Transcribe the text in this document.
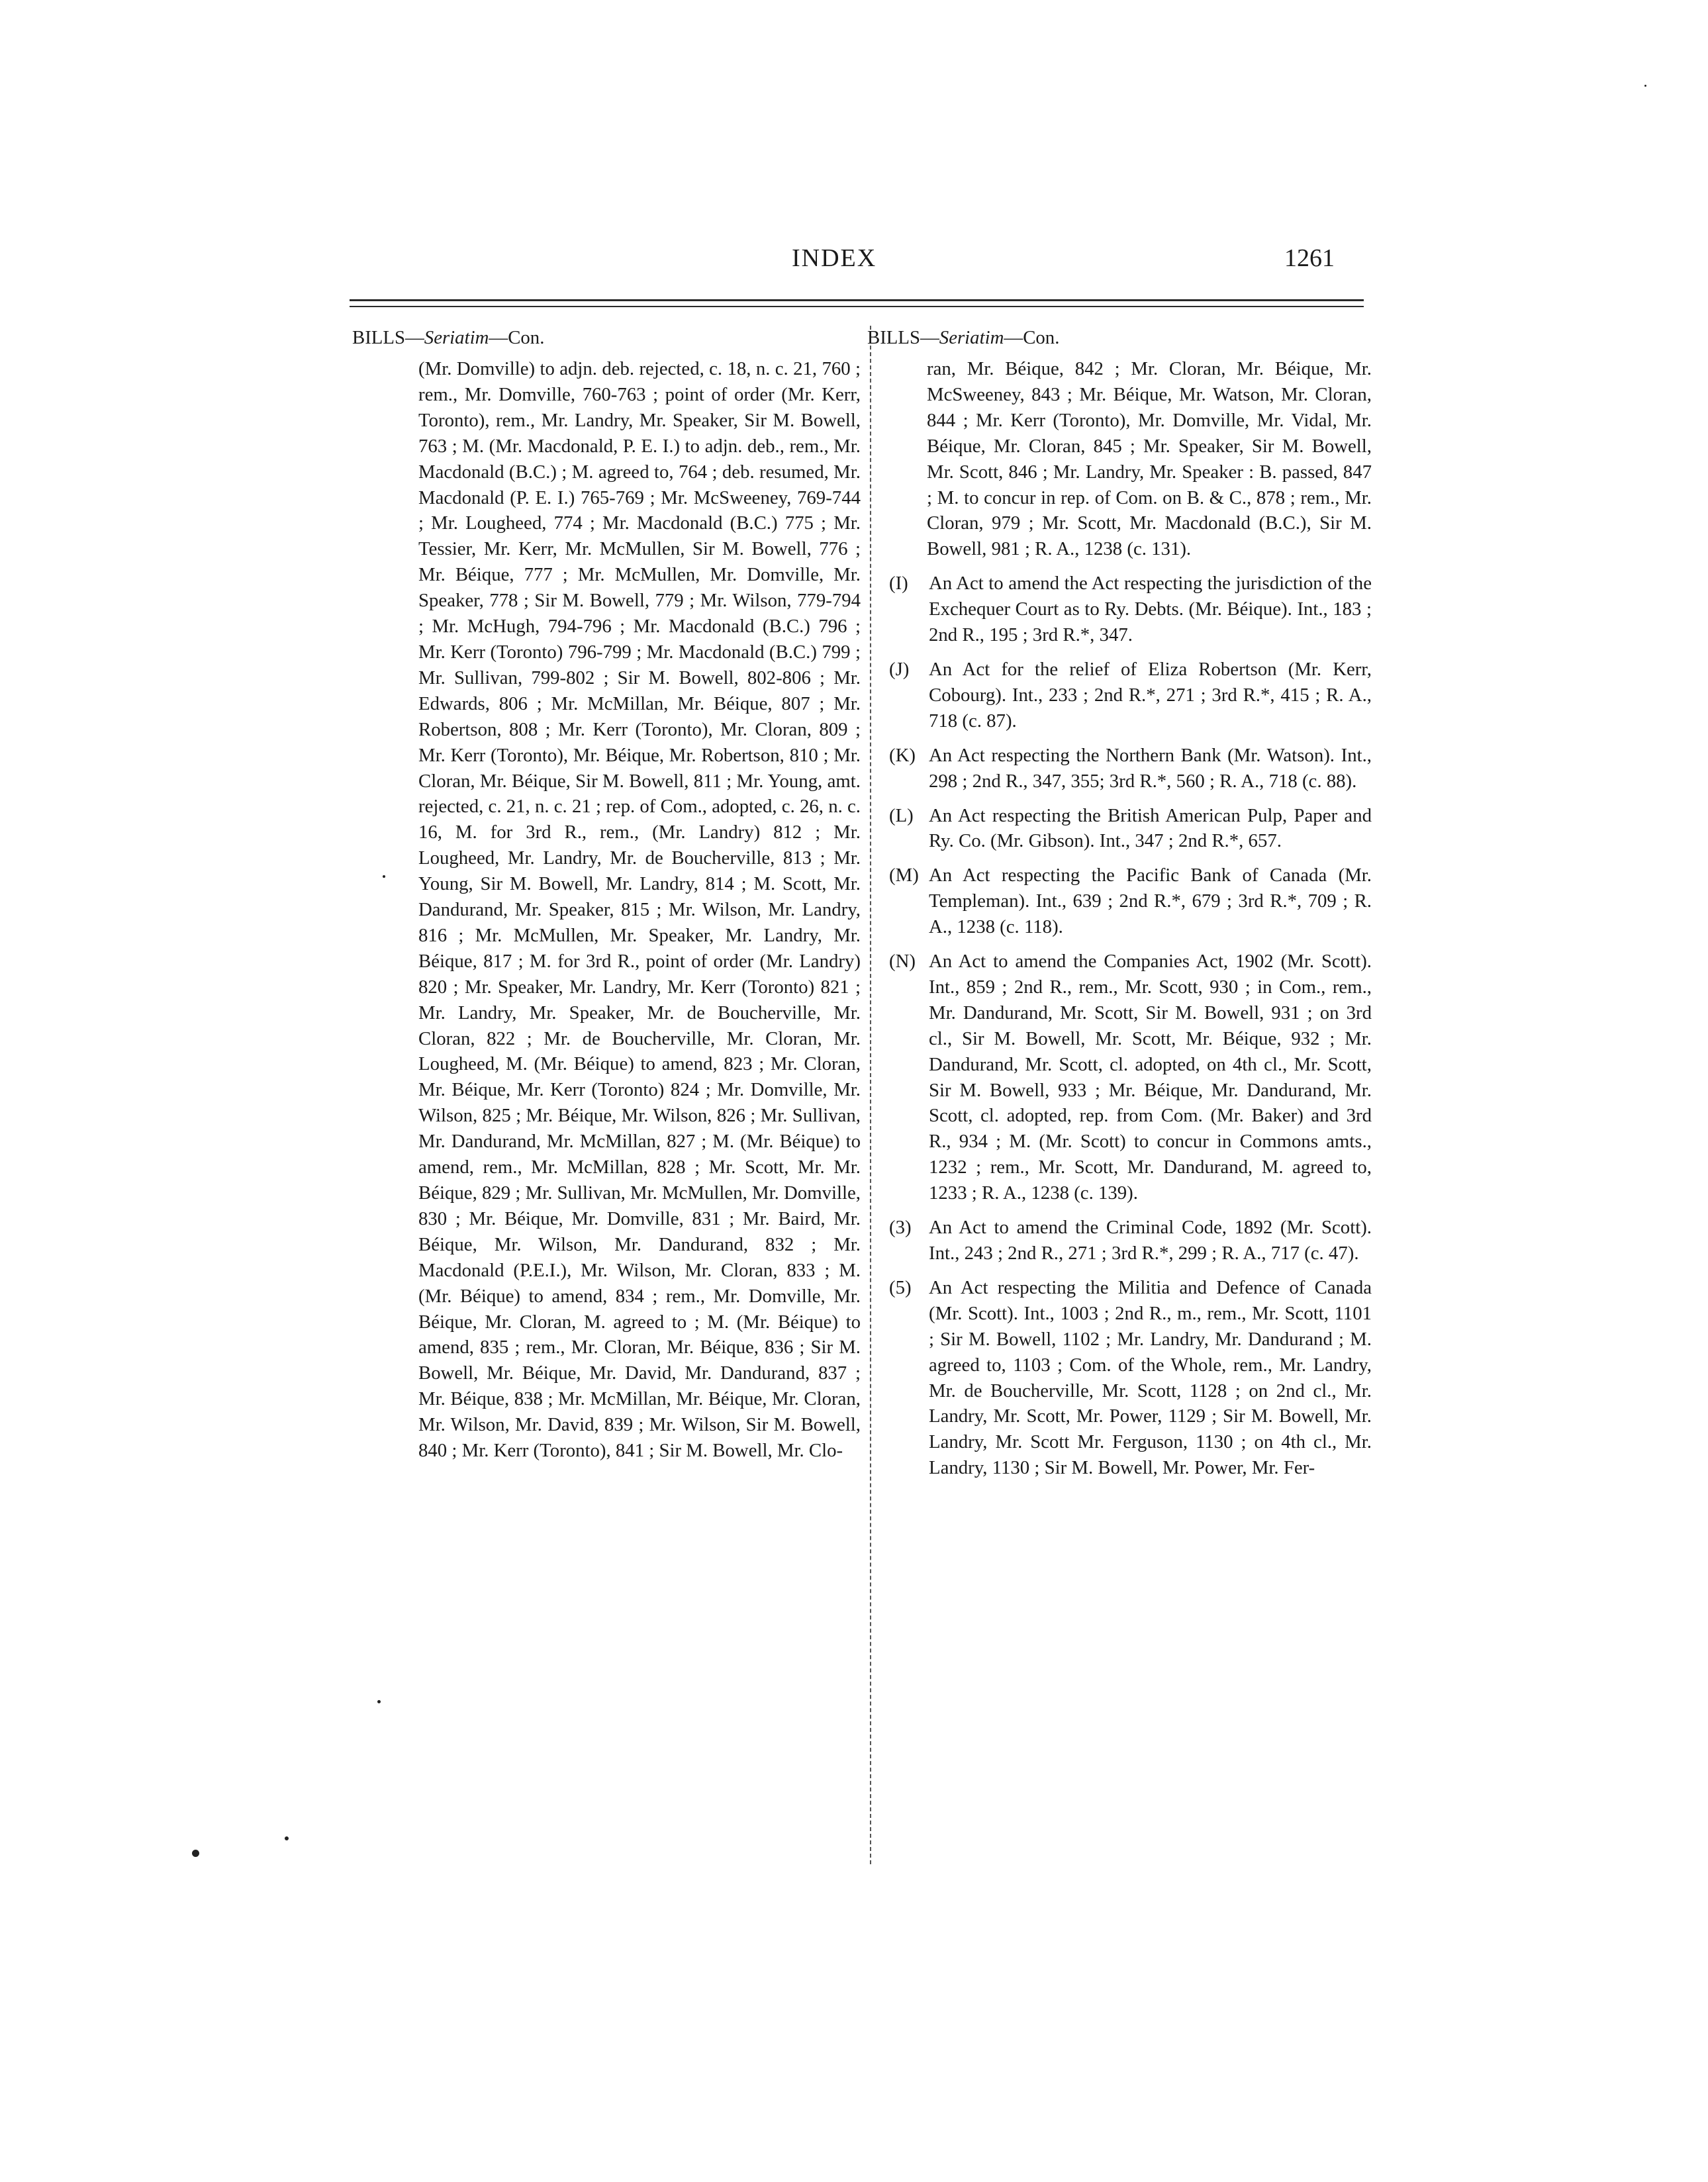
INDEX	1261
BILLS—Seriatim—Con.

(Mr. Domville) to adjn. deb. rejected, c. 18, n. c. 21, 760 ; rem., Mr. Domville, 760-763 ; point of order (Mr. Kerr, Toronto), rem., Mr. Landry, Mr. Speaker, Sir M. Bowell, 763 ; M. (Mr. Macdonald, P. E. I.) to adjn. deb., rem., Mr. Macdonald (B.C.) ; M. agreed to, 764 ; deb. resumed, Mr. Macdonald (P. E. I.) 765-769 ; Mr. McSweeney, 769-744 ; Mr. Lougheed, 774 ; Mr. Macdonald (B.C.) 775 ; Mr. Tessier, Mr. Kerr, Mr. McMullen, Sir M. Bowell, 776 ; Mr. Béique, 777 ; Mr. McMullen, Mr. Domville, Mr. Speaker, 778 ; Sir M. Bowell, 779 ; Mr. Wilson, 779-794 ; Mr. McHugh, 794-796 ; Mr. Macdonald (B.C.) 796 ; Mr. Kerr (Toronto) 796-799 ; Mr. Macdonald (B.C.) 799 ; Mr. Sullivan, 799-802 ; Sir M. Bowell, 802-806 ; Mr. Edwards, 806 ; Mr. McMillan, Mr. Béique, 807 ; Mr. Robertson, 808 ; Mr. Kerr (Toronto), Mr. Cloran, 809 ; Mr. Kerr (Toronto), Mr. Béique, Mr. Robertson, 810 ; Mr. Cloran, Mr. Béique, Sir M. Bowell, 811 ; Mr. Young, amt. rejected, c. 21, n. c. 21 ; rep. of Com., adopted, c. 26, n. c. 16, M. for 3rd R., rem., (Mr. Landry) 812 ; Mr. Lougheed, Mr. Landry, Mr. de Boucherville, 813 ; Mr. Young, Sir M. Bowell, Mr. Landry, 814 ; M. Scott, Mr. Dandurand, Mr. Speaker, 815 ; Mr. Wilson, Mr. Landry, 816 ; Mr. McMullen, Mr. Speaker, Mr. Landry, Mr. Béique, 817 ; M. for 3rd R., point of order (Mr. Landry) 820 ; Mr. Speaker, Mr. Landry, Mr. Kerr (Toronto) 821 ; Mr. Landry, Mr. Speaker, Mr. de Boucherville, Mr. Cloran, 822 ; Mr. de Boucherville, Mr. Cloran, Mr. Lougheed, M. (Mr. Béique) to amend, 823 ; Mr. Cloran, Mr. Béique, Mr. Kerr (Toronto) 824 ; Mr. Domville, Mr. Wilson, 825 ; Mr. Béique, Mr. Wilson, 826 ; Mr. Sullivan, Mr. Dandurand, Mr. McMillan, 827 ; M. (Mr. Béique) to amend, rem., Mr. McMillan, 828 ; Mr. Scott, Mr. Mr. Béique, 829 ; Mr. Sullivan, Mr. McMullen, Mr. Domville, 830 ; Mr. Béique, Mr. Domville, 831 ; Mr. Baird, Mr. Béique, Mr. Wilson, Mr. Dandurand, 832 ; Mr. Macdonald (P.E.I.), Mr. Wilson, Mr. Cloran, 833 ; M. (Mr. Béique) to amend, 834 ; rem., Mr. Domville, Mr. Béique, Mr. Cloran, M. agreed to ; M. (Mr. Béique) to amend, 835 ; rem., Mr. Cloran, Mr. Béique, 836 ; Sir M. Bowell, Mr. Béique, Mr. David, Mr. Dandurand, 837 ; Mr. Béique, 838 ; Mr. McMillan, Mr. Béique, Mr. Cloran, Mr. Wilson, Mr. David, 839 ; Mr. Wilson, Sir M. Bowell, 840 ; Mr. Kerr (Toronto), 841 ; Sir M. Bowell, Mr. Clo-

BILLS—Seriatim—Con.

ran, Mr. Béique, 842 ; Mr. Cloran, Mr. Béique, Mr. McSweeney, 843 ; Mr. Béique, Mr. Watson, Mr. Cloran, 844 ; Mr. Kerr (Toronto), Mr. Domville, Mr. Vidal, Mr. Béique, Mr. Cloran, 845 ; Mr. Speaker, Sir M. Bowell, Mr. Scott, 846 ; Mr. Landry, Mr. Speaker : B. passed, 847 ; M. to concur in rep. of Com. on B. & C., 878 ; rem., Mr. Cloran, 979 ; Mr. Scott, Mr. Macdonald (B.C.), Sir M. Bowell, 981 ; R. A., 1238 (c. 131).

(I)	An Act to amend the Act respecting the jurisdiction of the Exchequer Court as to Ry. Debts. (Mr. Béique). Int., 183 ; 2nd R., 195 ; 3rd R.*, 347.
(J)	An Act for the relief of Eliza Robertson (Mr. Kerr, Cobourg). Int., 233 ; 2nd R.*, 271 ; 3rd R.*, 415 ; R. A., 718 (c. 87).
(K) An Act respecting the Northern Bank (Mr. Watson). Int., 298 ; 2nd R., 347, 355; 3rd R.*, 560 ; R. A., 718 (c. 88).
(L) An Act respecting the British American Pulp, Paper and Ry. Co. (Mr. Gibson). Int., 347 ; 2nd R.*, 657.
(M) An Act respecting the Pacific Bank of Canada (Mr. Templeman). Int., 639 ; 2nd R.*, 679 ; 3rd R.*, 709 ; R. A., 1238 (c. 118).
(N) An Act to amend the Companies Act, 1902 (Mr. Scott). Int., 859 ; 2nd R., rem., Mr. Scott, 930 ; in Com., rem., Mr. Dandurand, Mr. Scott, Sir M. Bowell, 931 ; on 3rd cl., Sir M. Bowell, Mr. Scott, Mr. Béique, 932 ; Mr. Dandurand, Mr. Scott, cl. adopted, on 4th cl., Mr. Scott, Sir M. Bowell, 933 ; Mr. Béique, Mr. Dandurand, Mr. Scott, cl. adopted, rep. from Com. (Mr. Baker) and 3rd R., 934 ; M. (Mr. Scott) to concur in Commons amts., 1232 ; rem., Mr. Scott, Mr. Dandurand, M. agreed to, 1233 ; R. A., 1238 (c. 139).
(3) An Act to amend the Criminal Code, 1892 (Mr. Scott). Int., 243 ; 2nd R., 271 ; 3rd R.*, 299 ; R. A., 717 (c. 47).
(5) An Act respecting the Militia and Defence of Canada (Mr. Scott). Int., 1003 ; 2nd R., m., rem., Mr. Scott, 1101 ; Sir M. Bowell, 1102 ; Mr. Landry, Mr. Dandurand ; M. agreed to, 1103 ; Com. of the Whole, rem., Mr. Landry, Mr. de Boucherville, Mr. Scott, 1128 ; on 2nd cl., Mr. Landry, Mr. Scott, Mr. Power, 1129 ; Sir M. Bowell, Mr. Landry, Mr. Scott Mr. Ferguson, 1130 ; on 4th cl., Mr. Landry, 1130 ; Sir M. Bowell, Mr. Power, Mr. Fer-
